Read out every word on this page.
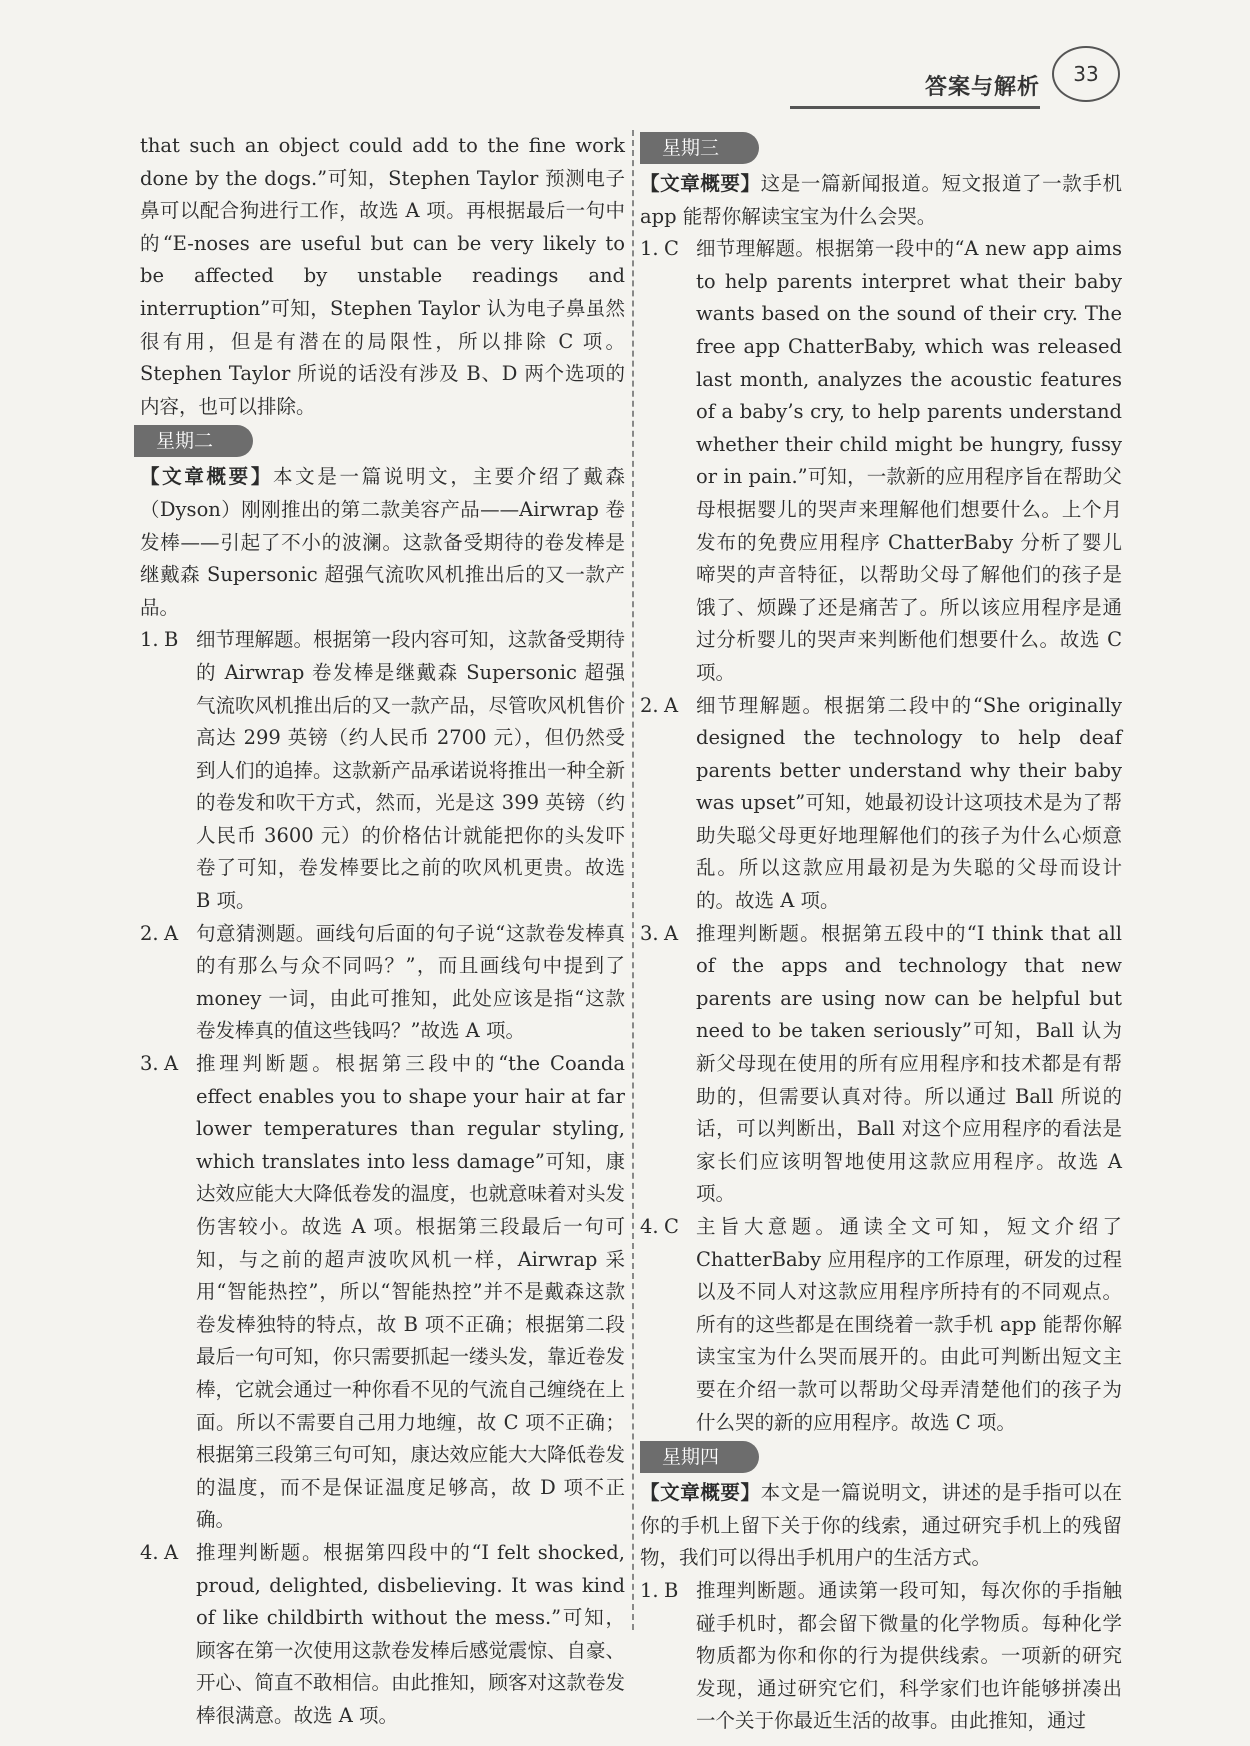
答案与解析
33

that such an object could add to the fine work done by the dogs.”可知，Stephen Taylor 预测电子鼻可以配合狗进行工作，故选 A 项。再根据最后一句中的“E-noses are useful but can be very likely to be affected by unstable readings and interruption”可知，Stephen Taylor 认为电子鼻虽然很有用，但是有潜在的局限性，所以排除 C 项。Stephen Taylor 所说的话没有涉及 B、D 两个选项的内容，也可以排除。

星期二

【文章概要】本文是一篇说明文，主要介绍了戴森（Dyson）刚刚推出的第二款美容产品——Airwrap 卷发棒——引起了不小的波澜。这款备受期待的卷发棒是继戴森 Supersonic 超强气流吹风机推出后的又一款产品。

1. B 细节理解题。根据第一段内容可知，这款备受期待的 Airwrap 卷发棒是继戴森 Supersonic 超强气流吹风机推出后的又一款产品，尽管吹风机售价高达 299 英镑（约人民币 2700 元），但仍然受到人们的追捧。这款新产品承诺说将推出一种全新的卷发和吹干方式，然而，光是这 399 英镑（约人民币 3600 元）的价格估计就能把你的头发吓卷了可知，卷发棒要比之前的吹风机更贵。故选 B 项。
2. A 句意猜测题。画线句后面的句子说“这款卷发棒真的有那么与众不同吗？”，而且画线句中提到了 money 一词，由此可推知，此处应该是指“这款卷发棒真的值这些钱吗？”故选 A 项。
3. A 推理判断题。根据第三段中的“the Coanda effect enables you to shape your hair at far lower temperatures than regular styling, which translates into less damage”可知，康达效应能大大降低卷发的温度，也就意味着对头发伤害较小。故选 A 项。根据第三段最后一句可知，与之前的超声波吹风机一样，Airwrap 采用“智能热控”，所以“智能热控”并不是戴森这款卷发棒独特的特点，故 B 项不正确；根据第二段最后一句可知，你只需要抓起一缕头发，靠近卷发棒，它就会通过一种你看不见的气流自己缠绕在上面。所以不需要自己用力地缠，故 C 项不正确；根据第三段第三句可知，康达效应能大大降低卷发的温度，而不是保证温度足够高，故 D 项不正确。
4. A 推理判断题。根据第四段中的“I felt shocked, proud, delighted, disbelieving. It was kind of like childbirth without the mess.”可知，顾客在第一次使用这款卷发棒后感觉震惊、自豪、开心、简直不敢相信。由此推知，顾客对这款卷发棒很满意。故选 A 项。
星期三

【文章概要】这是一篇新闻报道。短文报道了一款手机 app 能帮你解读宝宝为什么会哭。

1. C 细节理解题。根据第一段中的“A new app aims to help parents interpret what their baby wants based on the sound of their cry. The free app ChatterBaby, which was released last month, analyzes the acoustic features of a baby’s cry, to help parents understand whether their child might be hungry, fussy or in pain.”可知，一款新的应用程序旨在帮助父母根据婴儿的哭声来理解他们想要什么。上个月发布的免费应用程序 ChatterBaby 分析了婴儿啼哭的声音特征，以帮助父母了解他们的孩子是饿了、烦躁了还是痛苦了。所以该应用程序是通过分析婴儿的哭声来判断他们想要什么。故选 C 项。
2. A 细节理解题。根据第二段中的“She originally designed the technology to help deaf parents better understand why their baby was upset”可知，她最初设计这项技术是为了帮助失聪父母更好地理解他们的孩子为什么心烦意乱。所以这款应用最初是为失聪的父母而设计的。故选 A 项。
3. A 推理判断题。根据第五段中的“I think that all of the apps and technology that new parents are using now can be helpful but need to be taken seriously”可知，Ball 认为新父母现在使用的所有应用程序和技术都是有帮助的，但需要认真对待。所以通过 Ball 所说的话，可以判断出，Ball 对这个应用程序的看法是家长们应该明智地使用这款应用程序。故选 A 项。
4. C 主旨大意题。通读全文可知，短文介绍了 ChatterBaby 应用程序的工作原理，研发的过程以及不同人对这款应用程序所持有的不同观点。所有的这些都是在围绕着一款手机 app 能帮你解读宝宝为什么哭而展开的。由此可判断出短文主要在介绍一款可以帮助父母弄清楚他们的孩子为什么哭的新的应用程序。故选 C 项。
星期四

【文章概要】本文是一篇说明文，讲述的是手指可以在你的手机上留下关于你的线索，通过研究手机上的残留物，我们可以得出手机用户的生活方式。

1. B 推理判断题。通读第一段可知，每次你的手指触碰手机时，都会留下微量的化学物质。每种化学物质都为你和你的行为提供线索。一项新的研究发现，通过研究它们，科学家们也许能够拼凑出一个关于你最近生活的故事。由此推知，通过
